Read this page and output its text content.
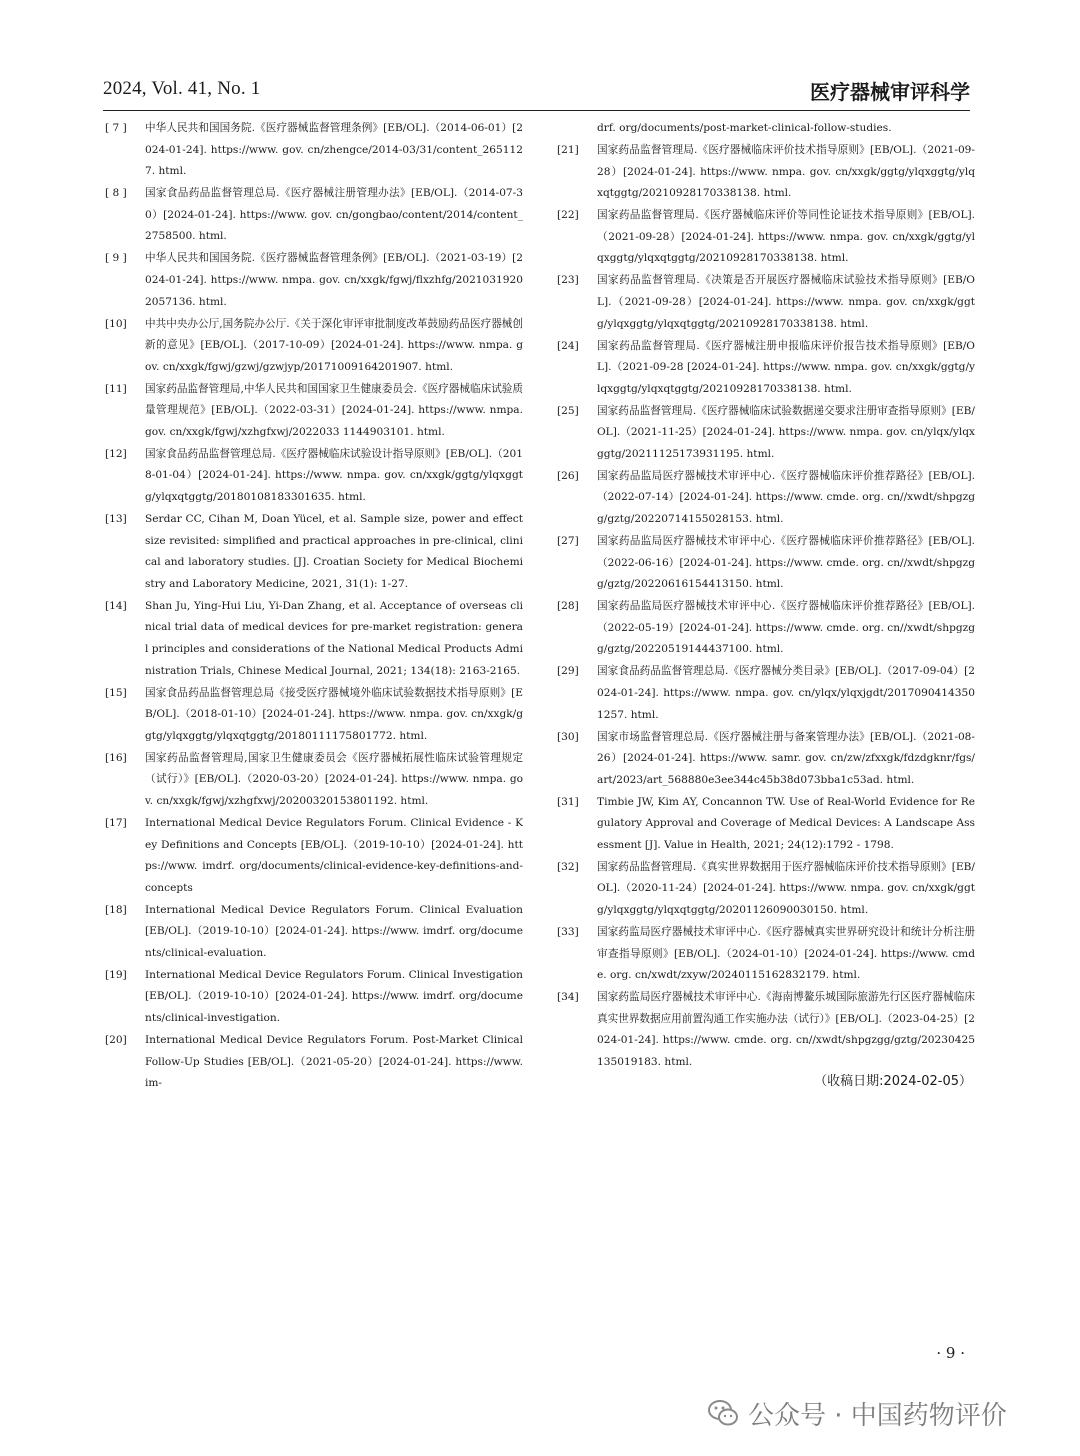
2024, Vol. 41, No. 1	医疗器械审评科学
[ 7 ]	中华人民共和国国务院.《医疗器械监督管理条例》[EB/OL].（2014-06-01）[2024-01-24]. https://www. gov. cn/zhengce/2014-03/31/content_2651127. html.
[ 8 ]	国家食品药品监督管理总局.《医疗器械注册管理办法》[EB/OL].（2014-07-30）[2024-01-24]. https://www. gov. cn/gongbao/content/2014/content_2758500. html.
[ 9 ]	中华人民共和国国务院.《医疗器械监督管理条例》[EB/OL].（2021-03-19）[2024-01-24]. https://www. nmpa. gov. cn/xxgk/fgwj/flxzhfg/20210319202057136. html.
[10]	中共中央办公厅,国务院办公厅.《关于深化审评审批制度改革鼓励药品医疗器械创新的意见》[EB/OL].（2017-10-09）[2024-01-24]. https://www. nmpa. gov. cn/xxgk/fgwj/gzwj/gzwjyp/20171009164201907. html.
[11]	国家药品监督管理局,中华人民共和国国家卫生健康委员会.《医疗器械临床试验质量管理规范》[EB/OL].（2022-03-31）[2024-01-24]. https://www. nmpa. gov. cn/xxgk/fgwj/xzhgfxwj/2022033 1144903101. html.
[12]	国家食品药品监督管理总局.《医疗器械临床试验设计指导原则》[EB/OL].（2018-01-04）[2024-01-24]. https://www. nmpa. gov. cn/xxgk/ggtg/ylqxggtg/ylqxqtggtg/20180108183301635. html.
[13]	Serdar CC, Cihan M, Doan Yücel, et al. Sample size, power and effect size revisited: simplified and practical approaches in pre-clinical, clinical and laboratory studies. [J]. Croatian Society for Medical Biochemistry and Laboratory Medicine, 2021, 31(1): 1-27.
[14]	Shan Ju, Ying-Hui Liu, Yi-Dan Zhang, et al. Acceptance of overseas clinical trial data of medical devices for pre-market registration: general principles and considerations of the National Medical Products Administration Trials, Chinese Medical Journal, 2021; 134(18): 2163-2165.
[15]	国家食品药品监督管理总局《接受医疗器械境外临床试验数据技术指导原则》[EB/OL].（2018-01-10）[2024-01-24]. https://www. nmpa. gov. cn/xxgk/ggtg/ylqxggtg/ylqxqtggtg/20180111175801772. html.
[16]	国家药品监督管理局,国家卫生健康委员会《医疗器械拓展性临床试验管理规定（试行）》[EB/OL].（2020-03-20）[2024-01-24]. https://www. nmpa. gov. cn/xxgk/fgwj/xzhgfxwj/20200320153801192. html.
[17]	International Medical Device Regulators Forum. Clinical Evidence - Key Definitions and Concepts [EB/OL].（2019-10-10）[2024-01-24]. https://www. imdrf. org/documents/clinical-evidence-key-definitions-and-concepts
[18]	International Medical Device Regulators Forum. Clinical Evaluation [EB/OL].（2019-10-10）[2024-01-24]. https://www. imdrf. org/documents/clinical-evaluation.
[19]	International Medical Device Regulators Forum. Clinical Investigation [EB/OL].（2019-10-10）[2024-01-24]. https://www. imdrf. org/documents/clinical-investigation.
[20]	International Medical Device Regulators Forum. Post-Market Clinical Follow-Up Studies [EB/OL].（2021-05-20）[2024-01-24]. https://www. im-
drf. org/documents/post-market-clinical-follow-studies.
[21]	国家药品监督管理局.《医疗器械临床评价技术指导原则》[EB/OL].（2021-09-28）[2024-01-24]. https://www. nmpa. gov. cn/xxgk/ggtg/ylqxggtg/ylqxqtggtg/20210928170338138. html.
[22]	国家药品监督管理局.《医疗器械临床评价等同性论证技术指导原则》[EB/OL].（2021-09-28）[2024-01-24]. https://www. nmpa. gov. cn/xxgk/ggtg/ylqxggtg/ylqxqtggtg/20210928170338138. html.
[23]	国家药品监督管理局.《决策是否开展医疗器械临床试验技术指导原则》[EB/OL].（2021-09-28）[2024-01-24]. https://www. nmpa. gov. cn/xxgk/ggtg/ylqxggtg/ylqxqtggtg/20210928170338138. html.
[24]	国家药品监督管理局.《医疗器械注册申报临床评价报告技术指导原则》[EB/OL].（2021-09-28 [2024-01-24]. https://www. nmpa. gov. cn/xxgk/ggtg/ylqxggtg/ylqxqtggtg/20210928170338138. html.
[25]	国家药品监督管理局.《医疗器械临床试验数据递交要求注册审查指导原则》[EB/OL].（2021-11-25）[2024-01-24]. https://www. nmpa. gov. cn/ylqx/ylqxggtg/20211125173931195. html.
[26]	国家药品监局医疗器械技术审评中心.《医疗器械临床评价推荐路径》[EB/OL].（2022-07-14）[2024-01-24]. https://www. cmde. org. cn//xwdt/shpgzgg/gztg/20220714155028153. html.
[27]	国家药品监局医疗器械技术审评中心.《医疗器械临床评价推荐路径》[EB/OL].（2022-06-16）[2024-01-24]. https://www. cmde. org. cn//xwdt/shpgzgg/gztg/20220616154413150. html.
[28]	国家药品监局医疗器械技术审评中心.《医疗器械临床评价推荐路径》[EB/OL].（2022-05-19）[2024-01-24]. https://www. cmde. org. cn//xwdt/shpgzgg/gztg/20220519144437100. html.
[29]	国家食品药品监督管理总局.《医疗器械分类目录》[EB/OL].（2017-09-04）[2024-01-24]. https://www. nmpa. gov. cn/ylqx/ylqxjgdt/20170904143501257. html.
[30]	国家市场监督管理总局.《医疗器械注册与备案管理办法》[EB/OL].（2021-08-26）[2024-01-24]. https://www. samr. gov. cn/zw/zfxxgk/fdzdgknr/fgs/art/2023/art_568880e3ee344c45b38d073bba1c53ad. html.
[31]	Timbie JW, Kim AY, Concannon TW. Use of Real-World Evidence for Regulatory Approval and Coverage of Medical Devices: A Landscape Assessment [J]. Value in Health, 2021; 24(12):1792 - 1798.
[32]	国家药品监督管理局.《真实世界数据用于医疗器械临床评价技术指导原则》[EB/OL].（2020-11-24）[2024-01-24]. https://www. nmpa. gov. cn/xxgk/ggtg/ylqxggtg/ylqxqtggtg/20201126090030150. html.
[33]	国家药监局医疗器械技术审评中心.《医疗器械真实世界研究设计和统计分析注册审查指导原则》[EB/OL].（2024-01-10）[2024-01-24]. https://www. cmde. org. cn/xwdt/zxyw/20240115162832179. html.
[34]	国家药监局医疗器械技术审评中心.《海南博鳌乐城国际旅游先行区医疗器械临床真实世界数据应用前置沟通工作实施办法（试行）》[EB/OL].（2023-04-25）[2024-01-24]. https://www. cmde. org. cn//xwdt/shpgzgg/gztg/20230425135019183. html.
（收稿日期:2024-02-05）
· 9 ·
公众号 · 中国药物评价
